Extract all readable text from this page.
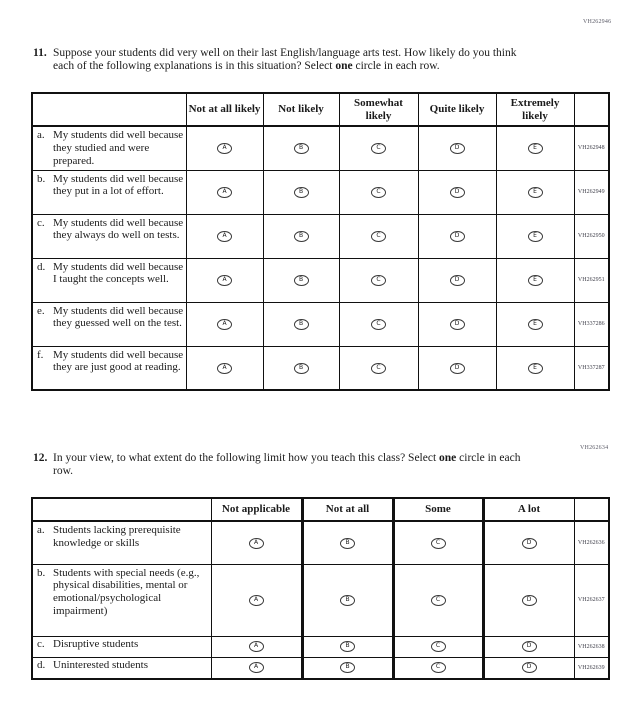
VH262946
11. Suppose your students did very well on their last English/language arts test. How likely do you think each of the following explanations is in this situation? Select one circle in each row.
	Not at all likely	Not likely	Somewhat likely	Quite likely	Extremely likely	

a. My students did well because they studied and were prepared.	A	B	C	D	E	VH262948

b. My students did well because they put in a lot of effort.	A	B	C	D	E	VH262949

c. My students did well because they always do well on tests.	A	B	C	D	E	VH262950

d. My students did well because I taught the concepts well.	A	B	C	D	E	VH262951

e. My students did well because they guessed well on the test.	A	B	C	D	E	VH337286

f. My students did well because they are just good at reading.	A	B	C	D	E	VH337287
VH262634
12. In your view, to what extent do the following limit how you teach this class? Select one circle in each row.
	Not applicable	Not at all	Some	A lot	

a. Students lacking prerequisite knowledge or skills	A	B	C	D	VH262636

b. Students with special needs (e.g., physical disabilities, mental or emotional/psychological impairment)	A	B	C	D	VH262637

c. Disruptive students	A	B	C	D	VH262638

d. Uninterested students	A	B	C	D	VH262639
